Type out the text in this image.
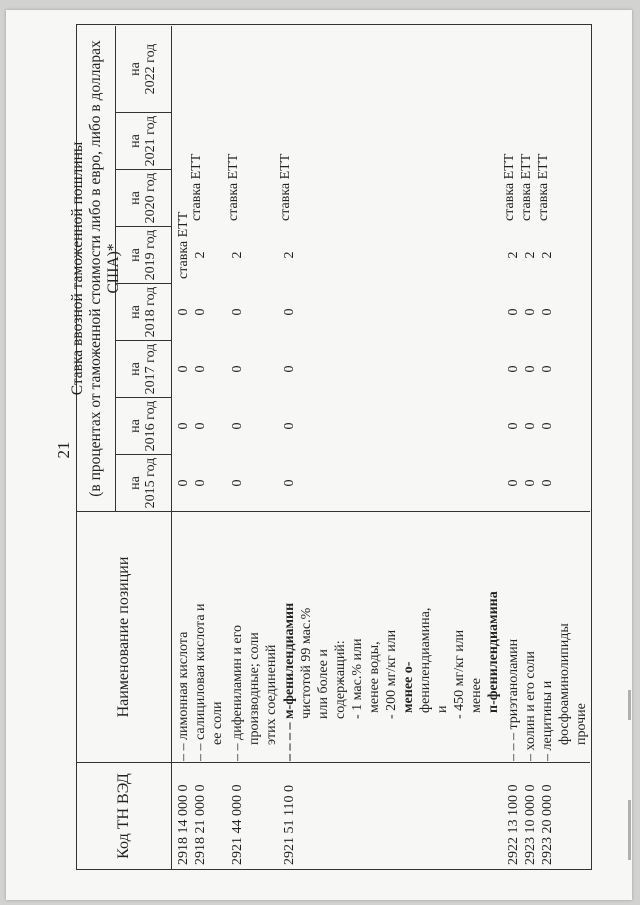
21
Код ТН ВЭД
Наименование позиции
Ставка ввозной таможенной пошлины (в процентах от таможенной стоимости либо в евро, либо в долларах США)*
на 2015 год
на 2016 год
на 2017 год
на 2018 год
на 2019 год
на 2020 год
на 2021 год
на 2022 год
2918 14 000 0
– – лимонная кислота
0
0
0
0
ставка ЕТТ
2918 21 000 0
– – салициловая кислота и ее соли
0
0
0
0
2
ставка ЕТТ
2921 44 000 0
– – дифениламин и его производные; соли этих соединений
0
0
0
0
2
ставка ЕТТ
2921 51 110 0
– – – – м-фенилендиамин чистотой 99 мас.% или более и содержащий: - 1 мас.% или менее воды, - 200 мг/кг или менее о- фенилендиамина, и - 450 мг/кг или менее п-фенилендиамина
0
0
0
0
2
ставка ЕТТ
2922 13 100 0
– – – триэтаноламин
0
0
0
0
2
ставка ЕТТ
2923 10 000 0
– холин и его соли
0
0
0
0
2
ставка ЕТТ
2923 20 000 0
– лецитины и фосфоаминолипиды прочие
0
0
0
0
2
ставка ЕТТ
